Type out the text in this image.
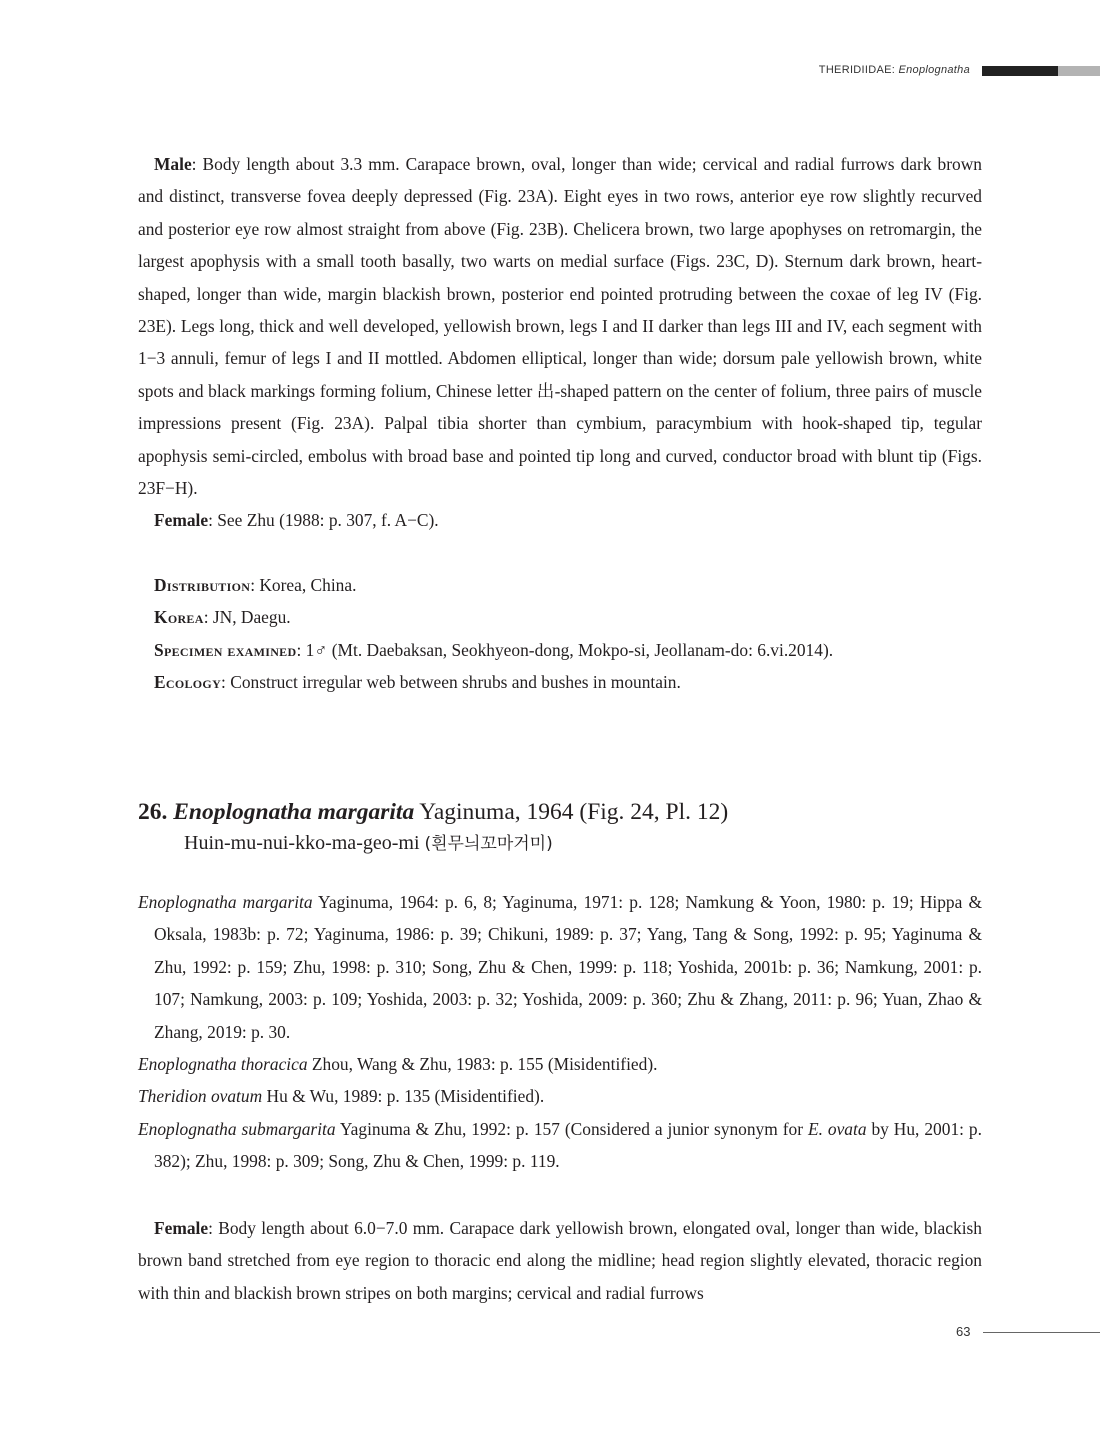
THERIDIIDAE: Enoplognatha

Male: Body length about 3.3 mm. Carapace brown, oval, longer than wide; cervical and radial furrows dark brown and distinct, transverse fovea deeply depressed (Fig. 23A). Eight eyes in two rows, anterior eye row slightly recurved and posterior eye row almost straight from above (Fig. 23B). Chelicera brown, two large apophyses on retromargin, the largest apophysis with a small tooth basally, two warts on medial surface (Figs. 23C, D). Sternum dark brown, heart-shaped, longer than wide, margin blackish brown, posterior end pointed protruding between the coxae of leg IV (Fig. 23E). Legs long, thick and well developed, yellowish brown, legs I and II darker than legs III and IV, each segment with 1−3 annuli, femur of legs I and II mottled. Abdomen elliptical, longer than wide; dorsum pale yellowish brown, white spots and black markings forming folium, Chinese letter 出-shaped pattern on the center of folium, three pairs of muscle impressions present (Fig. 23A). Palpal tibia shorter than cymbium, paracymbium with hook-shaped tip, tegular apophysis semi-circled, embolus with broad base and pointed tip long and curved, conductor broad with blunt tip (Figs. 23F−H).

Female: See Zhu (1988: p. 307, f. A−C).

Distribution: Korea, China.

Korea: JN, Daegu.

Specimen examined: 1♂ (Mt. Daebaksan, Seokhyeon-dong, Mokpo-si, Jeollanam-do: 6.vi.2014).

Ecology: Construct irregular web between shrubs and bushes in mountain.

26. Enoplognatha margarita Yaginuma, 1964 (Fig. 24, Pl. 12)
Huin-mu-nui-kko-ma-geo-mi (흰무늬꼬마거미)

Enoplognatha margarita Yaginuma, 1964: p. 6, 8; Yaginuma, 1971: p. 128; Namkung & Yoon, 1980: p. 19; Hippa & Oksala, 1983b: p. 72; Yaginuma, 1986: p. 39; Chikuni, 1989: p. 37; Yang, Tang & Song, 1992: p. 95; Yaginuma & Zhu, 1992: p. 159; Zhu, 1998: p. 310; Song, Zhu & Chen, 1999: p. 118; Yoshida, 2001b: p. 36; Namkung, 2001: p. 107; Namkung, 2003: p. 109; Yoshida, 2003: p. 32; Yoshida, 2009: p. 360; Zhu & Zhang, 2011: p. 96; Yuan, Zhao & Zhang, 2019: p. 30.

Enoplognatha thoracica Zhou, Wang & Zhu, 1983: p. 155 (Misidentified).

Theridion ovatum Hu & Wu, 1989: p. 135 (Misidentified).

Enoplognatha submargarita Yaginuma & Zhu, 1992: p. 157 (Considered a junior synonym for E. ovata by Hu, 2001: p. 382); Zhu, 1998: p. 309; Song, Zhu & Chen, 1999: p. 119.

Female: Body length about 6.0−7.0 mm. Carapace dark yellowish brown, elongated oval, longer than wide, blackish brown band stretched from eye region to thoracic end along the midline; head region slightly elevated, thoracic region with thin and blackish brown stripes on both margins; cervical and radial furrows

63
